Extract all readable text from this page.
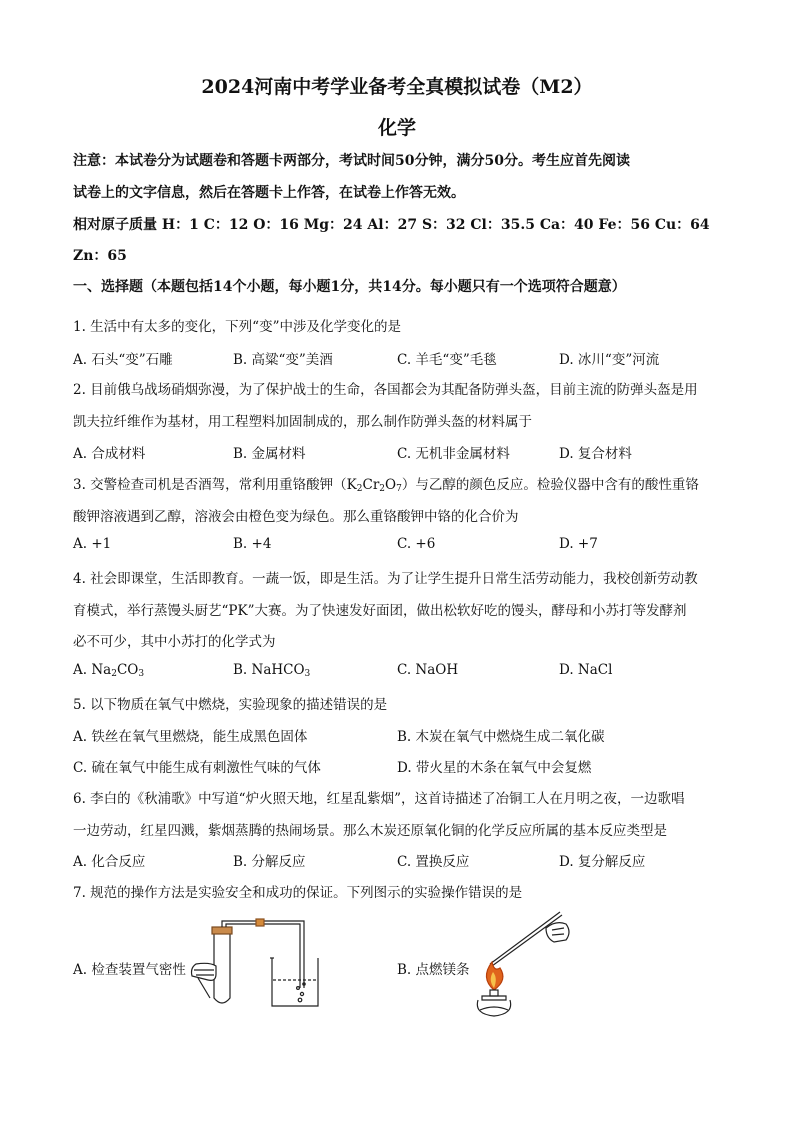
2024河南中考学业备考全真模拟试卷（M2）
化学
注意：本试卷分为试题卷和答题卡两部分，考试时间50分钟，满分50分。考生应首先阅读
试卷上的文字信息，然后在答题卡上作答，在试卷上作答无效。
相对原子质量 H：1 C：12 O：16 Mg：24 Al：27 S：32 Cl：35.5 Ca：40 Fe：56 Cu：64
Zn：65
一、选择题（本题包括14个小题，每小题1分，共14分。每小题只有一个选项符合题意）
1. 生活中有太多的变化，下列“变”中涉及化学变化的是
A. 石头“变”石雕	B. 高粱“变”美酒	C. 羊毛“变”毛毯	D. 冰川“变”河流
2. 目前俄乌战场硝烟弥漫，为了保护战士的生命，各国都会为其配备防弹头盔，目前主流的防弹头盔是用
凯夫拉纤维作为基材，用工程塑料加固制成的，那么制作防弹头盔的材料属于
A. 合成材料	B. 金属材料	C. 无机非金属材料	D. 复合材料
3. 交警检查司机是否酒驾，常利用重铬酸钾$(K_2Cr_2O_7)$与乙醇的颜色反应。检验仪器中含有的酸性重铬
酸钾溶液遇到乙醇，溶液会由橙色变为绿色。那么重铬酸钾中铬的化合价为
A. +1	B. +4	C. +6	D. +7
4. 社会即课堂，生活即教育。一蔬一饭，即是生活。为了让学生提升日常生活劳动能力，我校创新劳动教
育模式，举行蒸馒头厨艺“PK”大赛。为了快速发好面团，做出松软好吃的馒头，酵母和小苏打等发酵剂
必不可少，其中小苏打的化学式为
A. $Na_2CO_3$	B. NaHCO$_3$	C. NaOH	D. NaCl
5. 以下物质在氧气中燃烧，实验现象的描述错误的是
A. 铁丝在氧气里燃烧，能生成黑色固体	B. 木炭在氧气中燃烧生成二氧化碳
C. 硫在氧气中能生成有刺激性气味的气体	D. 带火星的木条在氧气中会复燃
6. 李白的《秋浦歌》中写道“炉火照天地，红星乱紫烟”，这首诗描述了冶铜工人在月明之夜，一边歌唱
一边劳动，红星四溅，紫烟蒸腾的热闹场景。那么木炭还原氧化铜的化学反应所属的基本反应类型是
A. 化合反应	B. 分解反应	C. 置换反应	D. 复分解反应
7. 规范的操作方法是实验安全和成功的保证。下列图示的实验操作错误的是
A. 检查装置气密性	B. 点燃镁条
